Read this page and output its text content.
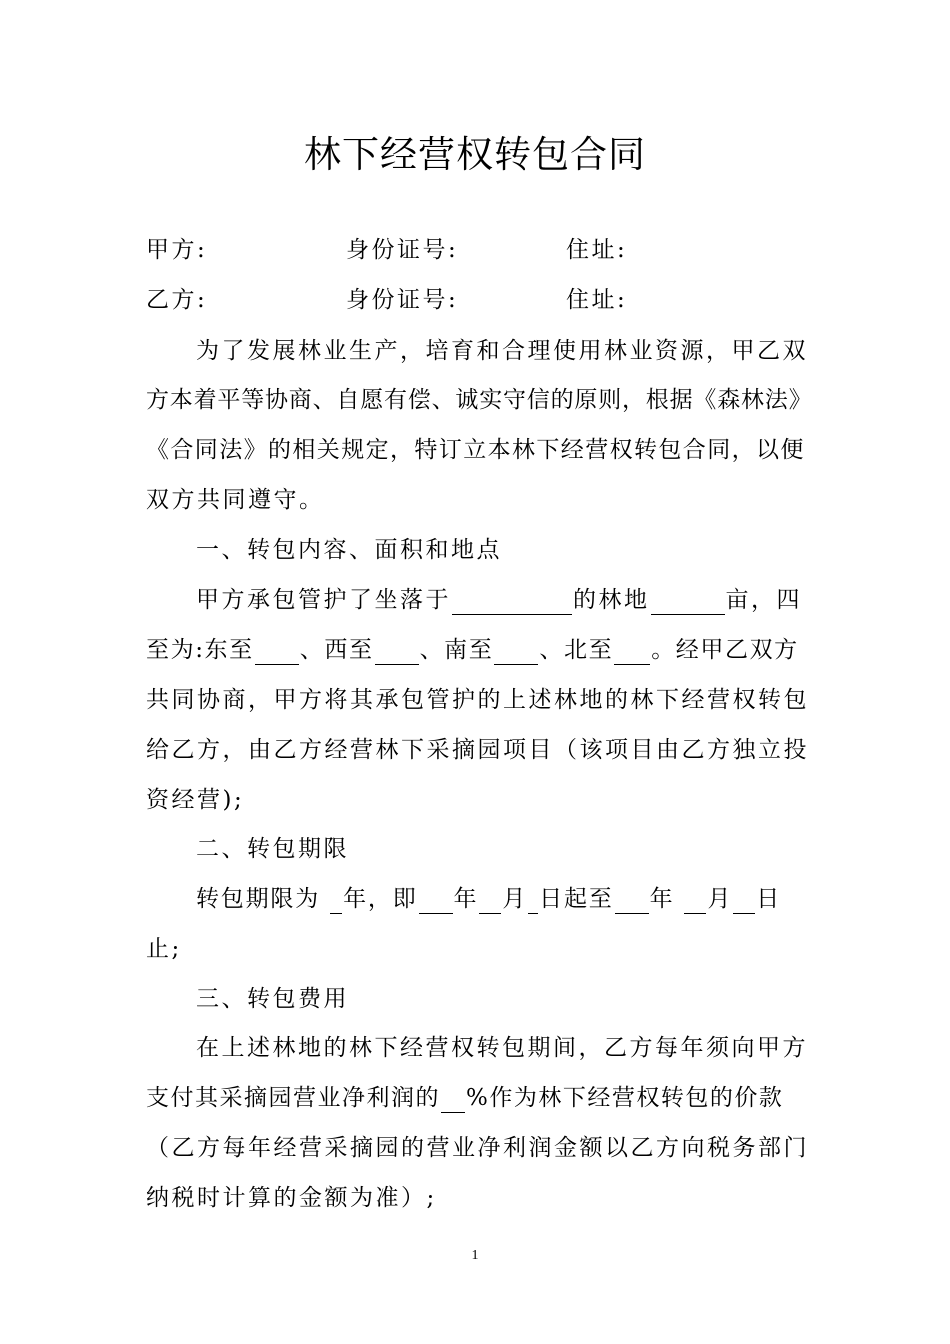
林下经营权转包合同
甲方:	身份证号:	住址:
乙方:	身份证号:	住址:
为了发展林业生产，培育和合理使用林业资源，甲乙双
方本着平等协商、自愿有偿、诚实守信的原则，根据《森林法》
《合同法》的相关规定，特订立本林下经营权转包合同，以便
双方共同遵守。
一、转包内容、面积和地点
甲方承包管护了坐落于	的林地	亩，四
至为:东至 、西至 、南至 、北至 。经甲乙双方
共同协商，甲方将其承包管护的上述林地的林下经营权转包
给乙方，由乙方经营林下采摘园项目（该项目由乙方独立投
资经营);
二、转包期限
转包期限为 年，即 年 月 日起至 年 月 日
止;
三、转包费用
在上述林地的林下经营权转包期间，乙方每年须向甲方
支付其采摘园营业净利润的 %作为林下经营权转包的价款
（乙方每年经营采摘园的营业净利润金额以乙方向税务部门
纳税时计算的金额为准）;
1
